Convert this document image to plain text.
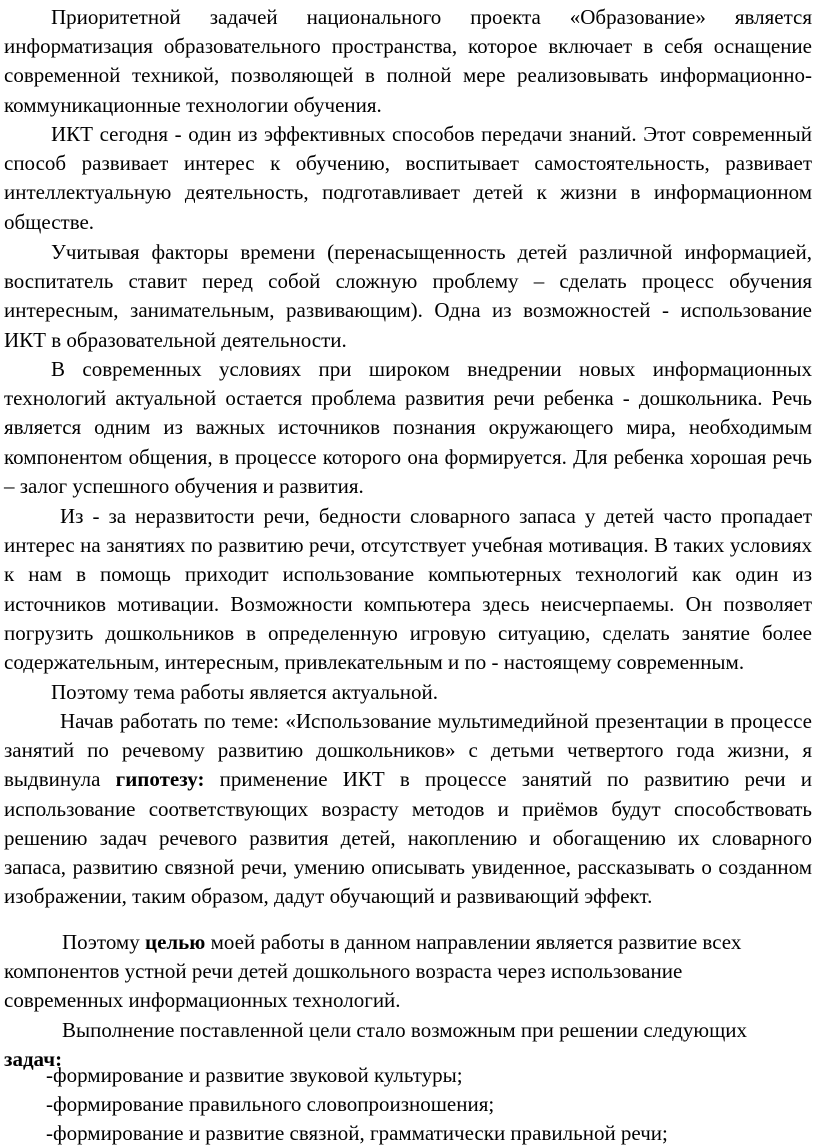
Приоритетной задачей национального проекта «Образование» является информатизация образовательного пространства, которое включает в себя оснащение современной техникой, позволяющей в полной мере реализовывать информационно-коммуникационные технологии обучения.

ИКТ сегодня - один из эффективных способов передачи знаний. Этот современный способ развивает интерес к обучению, воспитывает самостоятельность, развивает интеллектуальную деятельность, подготавливает детей к жизни в информационном обществе.

Учитывая факторы времени (перенасыщенность детей различной информацией, воспитатель ставит перед собой сложную проблему – сделать процесс обучения интересным, занимательным, развивающим). Одна из возможностей - использование ИКТ в образовательной деятельности.

В современных условиях при широком внедрении новых информационных технологий актуальной остается проблема развития речи ребенка - дошкольника. Речь является одним из важных источников познания окружающего мира, необходимым компонентом общения, в процессе которого она формируется. Для ребенка хорошая речь – залог успешного обучения и развития.

Из - за неразвитости речи, бедности словарного запаса у детей часто пропадает интерес на занятиях по развитию речи, отсутствует учебная мотивация. В таких условиях к нам в помощь приходит использование компьютерных технологий как один из источников мотивации. Возможности компьютера здесь неисчерпаемы. Он позволяет погрузить дошкольников в определенную игровую ситуацию, сделать занятие более содержательным, интересным, привлекательным и по - настоящему современным.

Поэтому тема работы является актуальной.

Начав работать по теме: «Использование мультимедийной презентации в процессе занятий по речевому развитию дошкольников» с детьми четвертого года жизни, я выдвинула гипотезу: применение ИКТ в процессе занятий по развитию речи и использование соответствующих возрасту методов и приёмов будут способствовать решению задач речевого развития детей, накоплению и обогащению их словарного запаса, развитию связной речи, умению описывать увиденное, рассказывать о созданном изображении, таким образом, дадут обучающий и развивающий эффект.

Поэтому целью моей работы в данном направлении является развитие всех компонентов устной речи детей дошкольного возраста через использование современных информационных технологий.

Выполнение поставленной цели стало возможным при решении следующих задач:

-формирование и развитие звуковой культуры;

-формирование правильного словопроизношения;

-формирование и развитие связной, грамматически правильной речи;
